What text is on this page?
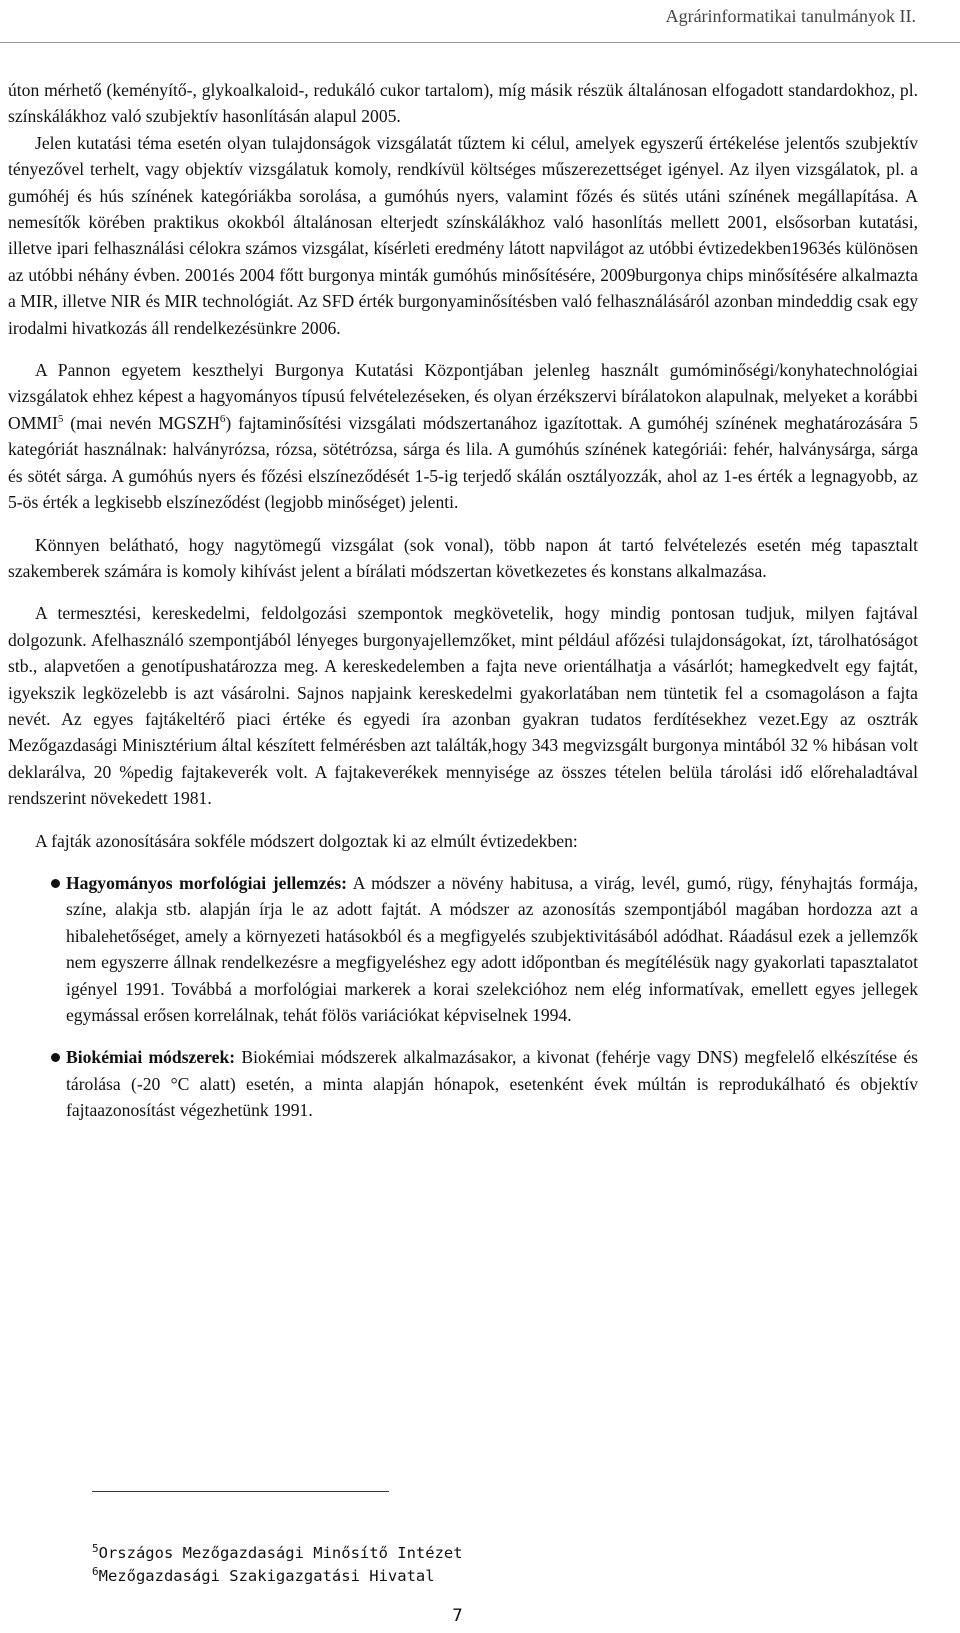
Agrárinformatikai tanulmányok II.

úton mérhető (keményítő-, glykoalkaloid-, redukáló cukor tartalom), míg másik részük általánosan elfogadott standardokhoz, pl. színskálákhoz való szubjektív hasonlításán alapul 2005.

Jelen kutatási téma esetén olyan tulajdonságok vizsgálatát tűztem ki célul, amelyek egyszerű értékelése jelentős szubjektív tényezővel terhelt, vagy objektív vizsgálatuk komoly, rendkívül költséges műszerezettséget igényel. Az ilyen vizsgálatok, pl. a gumóhéj és hús színének kategóriákba sorolása, a gumóhús nyers, valamint főzés és sütés utáni színének megállapítása. A nemesítők körében praktikus okokból általánosan elterjedt színskálákhoz való hasonlítás mellett 2001, elsősorban kutatási, illetve ipari felhasználási célokra számos vizsgálat, kísérleti eredmény látott napvilágot az utóbbi évtizedekben1963és különösen az utóbbi néhány évben. 2001és 2004 főtt burgonya minták gumóhús minősítésére, 2009burgonya chips minősítésére alkalmazta a MIR, illetve NIR és MIR technológiát. Az SFD érték burgonyaminősítésben való felhasználásáról azonban mindeddig csak egy irodalmi hivatkozás áll rendelkezésünkre 2006.

A Pannon egyetem keszthelyi Burgonya Kutatási Központjában jelenleg használt gumóminőségi/konyhatechnológiai vizsgálatok ehhez képest a hagyományos típusú felvételezéseken, és olyan érzékszervi bírálatokon alapulnak, melyeket a korábbi OMMI$^5$ (mai nevén MGSZH$^6$) fajtaminősítési vizsgálati módszertanához igazítottak. A gumóhéj színének meghatározására 5 kategóriát használnak: halványrózsa, rózsa, sötétrózsa, sárga és lila. A gumóhús színének kategóriái: fehér, halványsárga, sárga és sötét sárga. A gumóhús nyers és főzési elszíneződését 1-5-ig terjedő skálán osztályozzák, ahol az 1-es érték a legnagyobb, az 5-ös érték a legkisebb elszíneződést (legjobb minőséget) jelenti.

Könnyen belátható, hogy nagytömegű vizsgálat (sok vonal), több napon át tartó felvételezés esetén még tapasztalt szakemberek számára is komoly kihívást jelent a bírálati módszertan következetes és konstans alkalmazása.

A termesztési, kereskedelmi, feldolgozási szempontok megkövetelik, hogy mindig pontosan tudjuk, milyen fajtával dolgozunk. Afelhasználó szempontjából lényeges burgonyajellemzőket, mint például afőzési tulajdonságokat, ízt, tárolhatóságot stb., alapvetően a genotípushatározza meg. A kereskedelemben a fajta neve orientálhatja a vásárlót; hamegkedvelt egy fajtát, igyekszik legközelebb is azt vásárolni. Sajnos napjaink kereskedelmi gyakorlatában nem tüntetik fel a csomagoláson a fajta nevét. Az egyes fajtákeltérő piaci értéke és egyedi íra azonban gyakran tudatos ferdítésekhez vezet.Egy az osztrák Mezőgazdasági Minisztérium által készített felmérésben azt találták,hogy 343 megvizsgált burgonya mintából 32 % hibásan volt deklarálva, 20 %pedig fajtakeverék volt. A fajtakeverékek mennyisége az összes tételen belüla tárolási idő előrehaladtával rendszerint növekedett 1981.

A fajták azonosítására sokféle módszert dolgoztak ki az elmúlt évtizedekben:

Hagyományos morfológiai jellemzés: A módszer a növény habitusa, a virág, levél, gumó, rügy, fényhajtás formája, színe, alakja stb. alapján írja le az adott fajtát. A módszer az azonosítás szempontjából magában hordozza azt a hibalehetőséget, amely a környezeti hatásokból és a megfigyelés szubjektivitásából adódhat. Ráadásul ezek a jellemzők nem egyszerre állnak rendelkezésre a megfigyeléshez egy adott időpontban és megítélésük nagy gyakorlati tapasztalatot igényel 1991. Továbbá a morfológiai markerek a korai szelekcióhoz nem elég informatívak, emellett egyes jellegek egymással erősen korrelálnak, tehát fölös variációkat képviselnek 1994.
Biokémiai módszerek: Biokémiai módszerek alkalmazásakor, a kivonat (fehérje vagy DNS) megfelelő elkészítése és tárolása (-20 °C alatt) esetén, a minta alapján hónapok, esetenként évek múltán is reprodukálható és objektív fajtaazonosítást végezhetünk 1991.
$^5$Országos Mezőgazdasági Minősítő Intézet
$^6$Mezőgazdasági Szakigazgatási Hivatal
7
